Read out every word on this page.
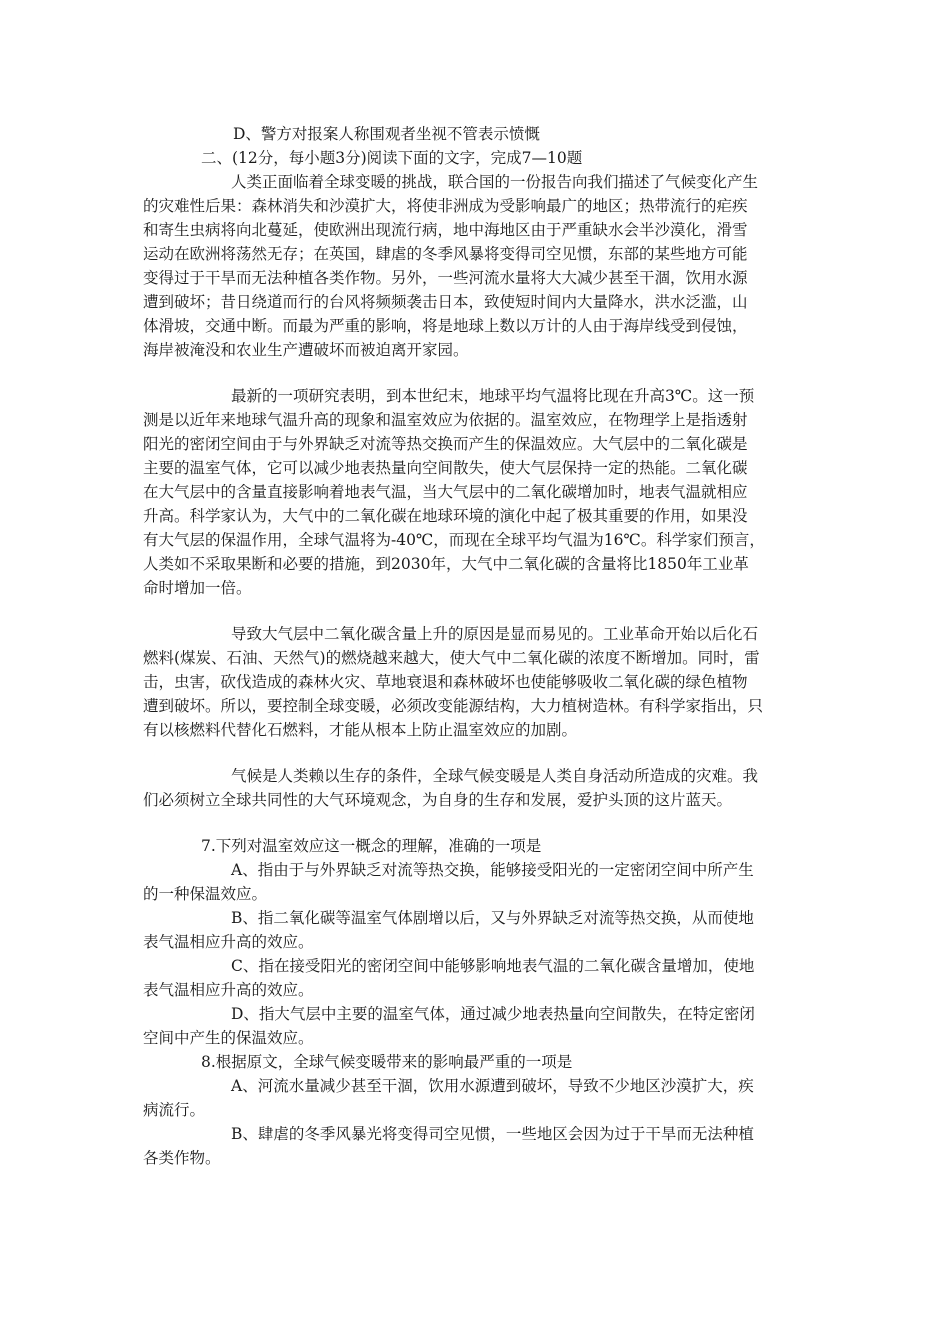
D、警方对报案人称围观者坐视不管表示愤慨
二、(12分，每小题3分)阅读下面的文字，完成7—10题
人类正面临着全球变暖的挑战，联合国的一份报告向我们描述了气候变化产生
的灾难性后果：森林消失和沙漠扩大，将使非洲成为受影响最广的地区；热带流行的疟疾
和寄生虫病将向北蔓延，使欧洲出现流行病，地中海地区由于严重缺水会半沙漠化，滑雪
运动在欧洲将荡然无存；在英国，肆虐的冬季风暴将变得司空见惯，东部的某些地方可能
变得过于干旱而无法种植各类作物。另外，一些河流水量将大大减少甚至干涸，饮用水源
遭到破坏；昔日绕道而行的台风将频频袭击日本，致使短时间内大量降水，洪水泛滥，山
体滑坡，交通中断。而最为严重的影响，将是地球上数以万计的人由于海岸线受到侵蚀，
海岸被淹没和农业生产遭破坏而被迫离开家园。
最新的一项研究表明，到本世纪末，地球平均气温将比现在升高3℃。这一预
测是以近年来地球气温升高的现象和温室效应为依据的。温室效应，在物理学上是指透射
阳光的密闭空间由于与外界缺乏对流等热交换而产生的保温效应。大气层中的二氧化碳是
主要的温室气体，它可以减少地表热量向空间散失，使大气层保持一定的热能。二氧化碳
在大气层中的含量直接影响着地表气温，当大气层中的二氧化碳增加时，地表气温就相应
升高。科学家认为，大气中的二氧化碳在地球环境的演化中起了极其重要的作用，如果没
有大气层的保温作用，全球气温将为-40℃，而现在全球平均气温为16℃。科学家们预言，
人类如不采取果断和必要的措施，到2030年，大气中二氧化碳的含量将比1850年工业革
命时增加一倍。
导致大气层中二氧化碳含量上升的原因是显而易见的。工业革命开始以后化石
燃料(煤炭、石油、天然气)的燃烧越来越大，使大气中二氧化碳的浓度不断增加。同时，雷
击，虫害，砍伐造成的森林火灾、草地衰退和森林破坏也使能够吸收二氧化碳的绿色植物
遭到破坏。所以，要控制全球变暖，必须改变能源结构，大力植树造林。有科学家指出，只
有以核燃料代替化石燃料，才能从根本上防止温室效应的加剧。
气候是人类赖以生存的条件，全球气候变暖是人类自身活动所造成的灾难。我
们必须树立全球共同性的大气环境观念，为自身的生存和发展，爱护头顶的这片蓝天。
7.下列对温室效应这一概念的理解，准确的一项是
A、指由于与外界缺乏对流等热交换，能够接受阳光的一定密闭空间中所产生
的一种保温效应。
B、指二氧化碳等温室气体剧增以后，又与外界缺乏对流等热交换，从而使地
表气温相应升高的效应。
C、指在接受阳光的密闭空间中能够影响地表气温的二氧化碳含量增加，使地
表气温相应升高的效应。
D、指大气层中主要的温室气体，通过减少地表热量向空间散失，在特定密闭
空间中产生的保温效应。
8.根据原文，全球气候变暖带来的影响最严重的一项是
A、河流水量减少甚至干涸，饮用水源遭到破坏，导致不少地区沙漠扩大，疾
病流行。
B、肆虐的冬季风暴光将变得司空见惯，一些地区会因为过于干旱而无法种植
各类作物。
